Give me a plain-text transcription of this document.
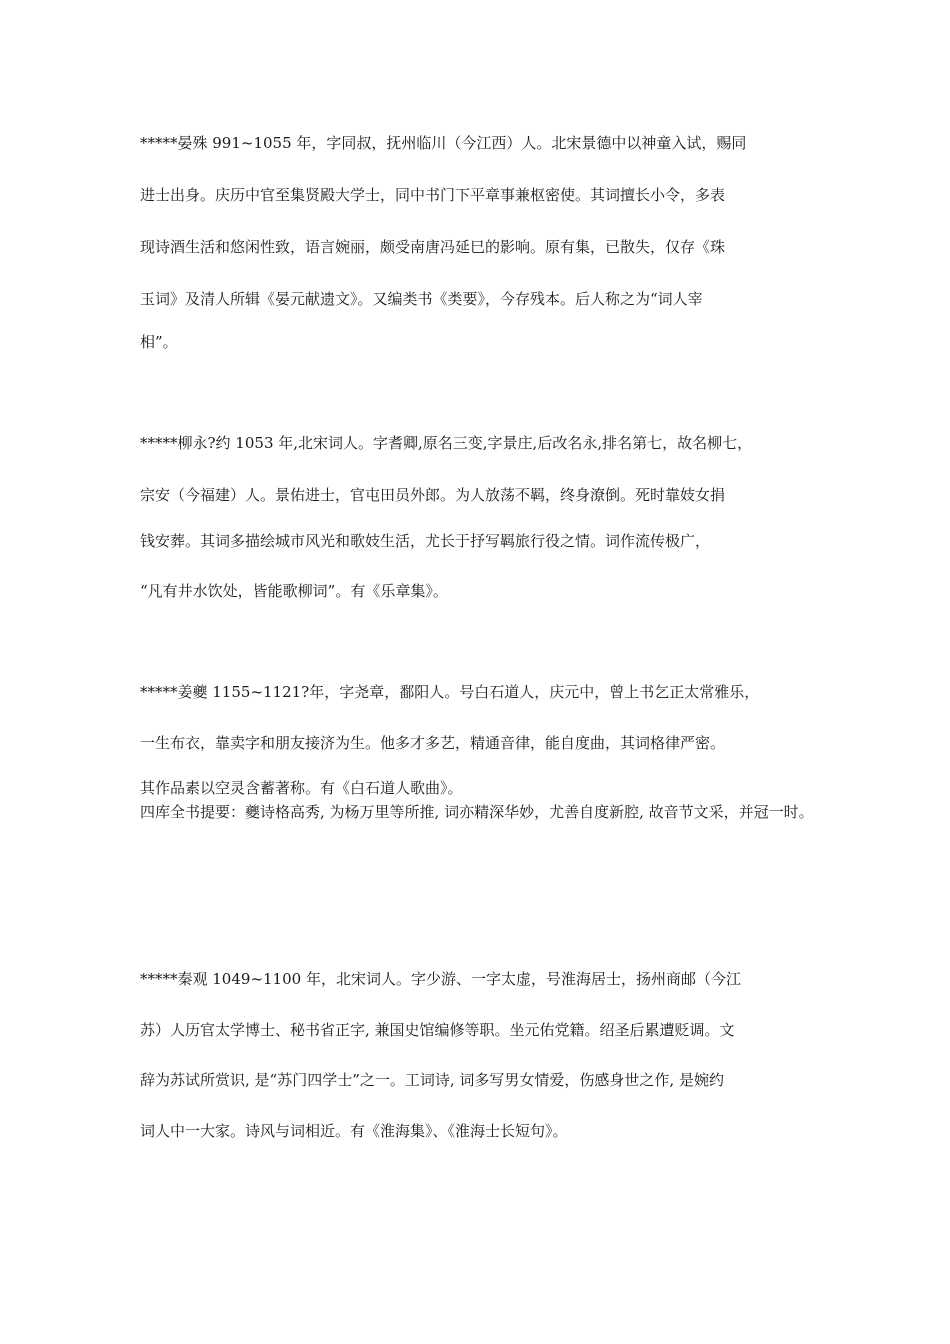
*****晏殊 991~1055 年，字同叔，抚州临川（今江西）人。北宋景德中以神童入试，赐同
进士出身。庆历中官至集贤殿大学士，同中书门下平章事兼枢密使。其词擅长小令，多表
现诗酒生活和悠闲性致，语言婉丽，颇受南唐冯延巳的影响。原有集，已散失，仅存《珠
玉词》及清人所辑《晏元献遗文》。又编类书《类要》，今存残本。后人称之为“词人宰
相”。
*****柳永?约 1053 年,北宋词人。字耆卿,原名三变,字景庄,后改名永,排名第七，故名柳七，
宗安（今福建）人。景佑进士，官屯田员外郎。为人放荡不羁，终身潦倒。死时靠妓女捐
钱安葬。其词多描绘城市风光和歌妓生活，尤长于抒写羁旅行役之情。词作流传极广，
“凡有井水饮处，皆能歌柳词”。有《乐章集》。
*****姜夔 1155~1121?年，字尧章，鄱阳人。号白石道人，庆元中，曾上书乞正太常雅乐，
一生布衣，靠卖字和朋友接济为生。他多才多艺，精通音律，能自度曲，其词格律严密。
其作品素以空灵含蓄著称。有《白石道人歌曲》。
四库全书提要：夔诗格高秀, 为杨万里等所推, 词亦精深华妙，尤善自度新腔, 故音节文采，并冠一时。
*****秦观 1049~1100 年，北宋词人。字少游、一字太虚，号淮海居士，扬州商邮（今江
苏）人历官太学博士、秘书省正字, 兼国史馆编修等职。坐元佑党籍。绍圣后累遭贬调。文
辞为苏试所赏识, 是“苏门四学士”之一。工词诗, 词多写男女情爱，伤感身世之作, 是婉约
词人中一大家。诗风与词相近。有《淮海集》、《淮海士长短句》。
